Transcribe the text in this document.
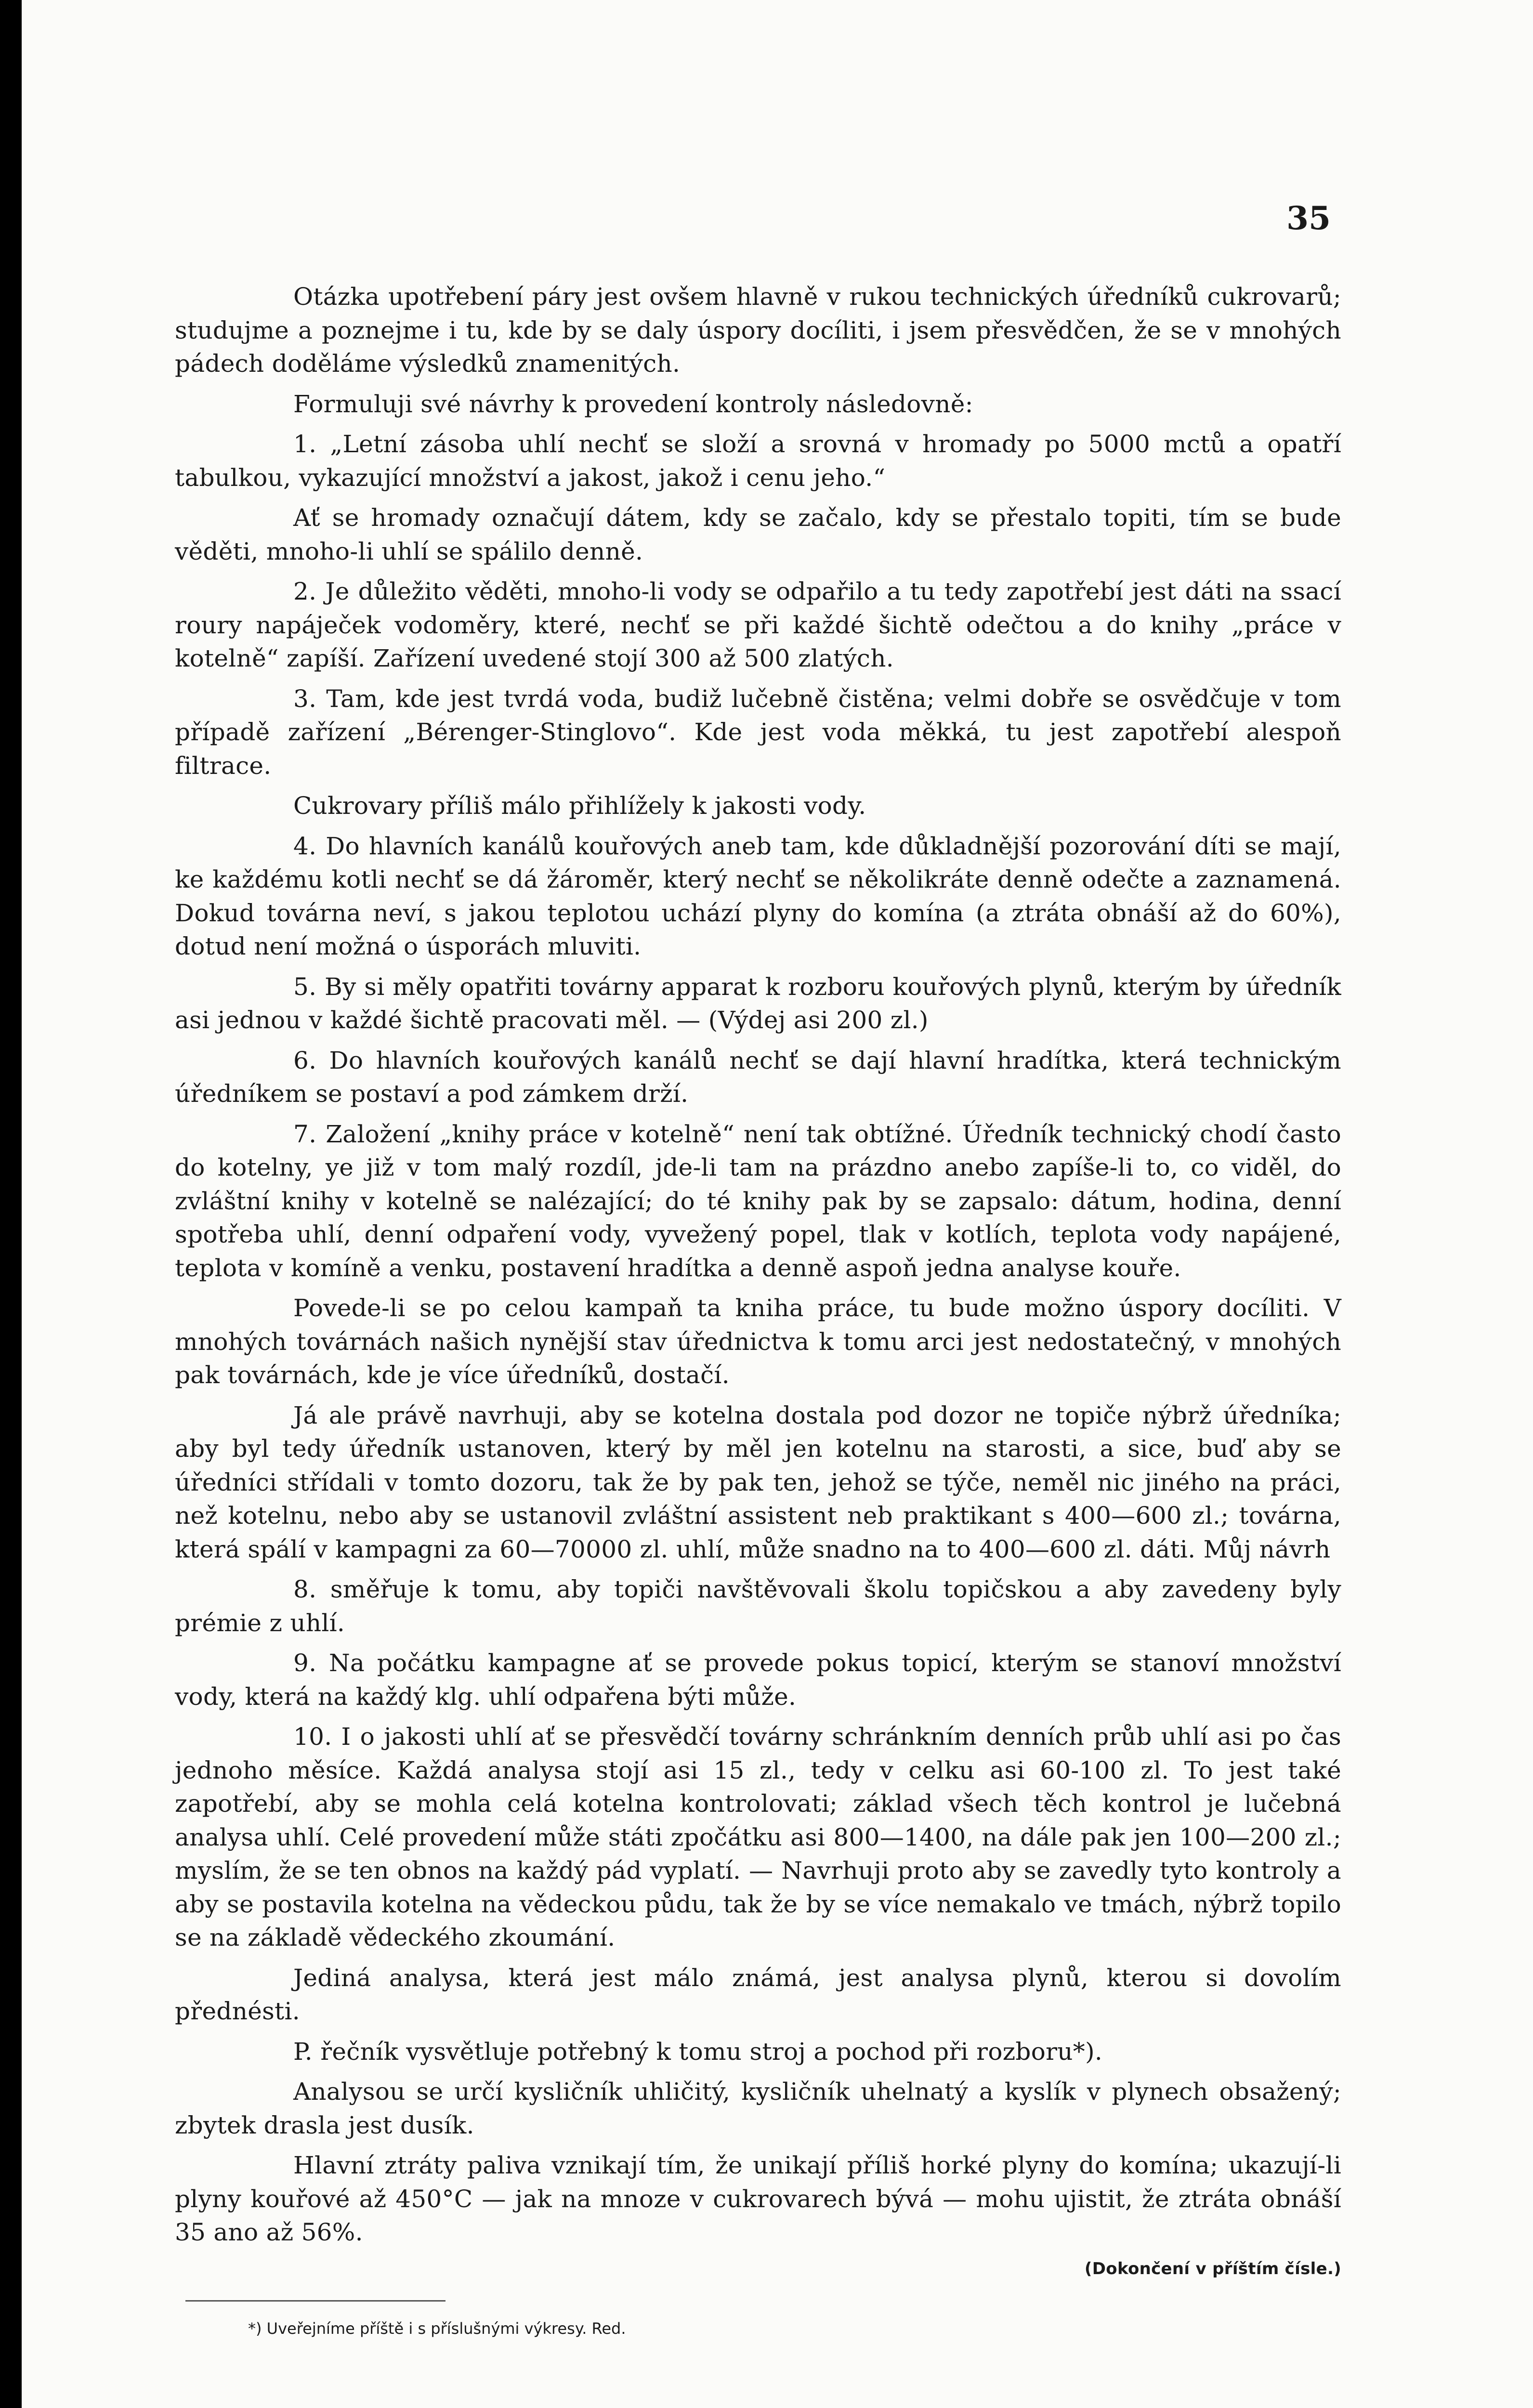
35

Otázka upotřebení páry jest ovšem hlavně v rukou technických úředníků cukrovarů; studujme a poznejme i tu, kde by se daly úspory docíliti, i jsem přesvědčen, že se v mnohých pádech doděláme výsledků znamenitých.

Formuluji své návrhy k provedení kontroly následovně:

1. „Letní zásoba uhlí nechť se složí a srovná v hromady po 5000 mctů a opatří tabulkou, vykazující množství a jakost, jakož i cenu jeho.“

Ať se hromady označují dátem, kdy se začalo, kdy se přestalo topiti, tím se bude věděti, mnoho-li uhlí se spálilo denně.

2. Je důležito věděti, mnoho-li vody se odpařilo a tu tedy zapotřebí jest dáti na ssací roury napáječek vodoměry, které, nechť se při každé šichtě odečtou a do knihy „práce v kotelně“ zapíší. Zařízení uvedené stojí 300 až 500 zlatých.

3. Tam, kde jest tvrdá voda, budiž lučebně čistěna; velmi dobře se osvědčuje v tom případě zařízení „Bérenger-Stinglovo“. Kde jest voda měkká, tu jest zapotřebí alespoň filtrace.

Cukrovary příliš málo přihlížely k jakosti vody.

4. Do hlavních kanálů kouřových aneb tam, kde důkladnější pozorování díti se mají, ke každému kotli nechť se dá žároměr, který nechť se několikráte denně odečte a zaznamená. Dokud továrna neví, s jakou teplotou uchází plyny do komína (a ztráta obnáší až do 60%), dotud není možná o úsporách mluviti.

5. By si měly opatřiti továrny apparat k rozboru kouřových plynů, kterým by úředník asi jednou v každé šichtě pracovati měl. — (Výdej asi 200 zl.)

6. Do hlavních kouřových kanálů nechť se dají hlavní hradítka, která technickým úředníkem se postaví a pod zámkem drží.

7. Založení „knihy práce v kotelně“ není tak obtížné. Úředník technický chodí často do kotelny, ye již v tom malý rozdíl, jde-li tam na prázdno anebo zapíše-li to, co viděl, do zvláštní knihy v kotelně se nalézající; do té knihy pak by se zapsalo: dátum, hodina, denní spotřeba uhlí, denní odpaření vody, vyvežený popel, tlak v kotlích, teplota vody napájené, teplota v komíně a venku, postavení hradítka a denně aspoň jedna analyse kouře.

Povede-li se po celou kampaň ta kniha práce, tu bude možno úspory docíliti. V mnohých továrnách našich nynější stav úřednictva k tomu arci jest nedostatečný, v mnohých pak továrnách, kde je více úředníků, dostačí.

Já ale právě navrhuji, aby se kotelna dostala pod dozor ne topiče nýbrž úředníka; aby byl tedy úředník ustanoven, který by měl jen kotelnu na starosti, a sice, buď aby se úředníci střídali v tomto dozoru, tak že by pak ten, jehož se týče, neměl nic jiného na práci, než kotelnu, nebo aby se ustanovil zvláštní assistent neb praktikant s 400—600 zl.; továrna, která spálí v kampagni za 60—70000 zl. uhlí, může snadno na to 400—600 zl. dáti. Můj návrh

8. směřuje k tomu, aby topiči navštěvovali školu topičskou a aby zavedeny byly prémie z uhlí.

9. Na počátku kampagne ať se provede pokus topicí, kterým se stanoví množství vody, která na každý klg. uhlí odpařena býti může.

10. I o jakosti uhlí ať se přesvědčí továrny schránkním denních průb uhlí asi po čas jednoho měsíce. Každá analysa stojí asi 15 zl., tedy v celku asi 60-100 zl. To jest také zapotřebí, aby se mohla celá kotelna kontrolovati; základ všech těch kontrol je lučebná analysa uhlí. Celé provedení může státi zpočátku asi 800—1400, na dále pak jen 100—200 zl.; myslím, že se ten obnos na každý pád vyplatí. — Navrhuji proto aby se zavedly tyto kontroly a aby se postavila kotelna na vědeckou půdu, tak že by se více nemakalo ve tmách, nýbrž topilo se na základě vědeckého zkoumání.

Jediná analysa, která jest málo známá, jest analysa plynů, kterou si dovolím přednésti.

P. řečník vysvětluje potřebný k tomu stroj a pochod při rozboru*).

Analysou se určí kysličník uhličitý, kysličník uhelnatý a kyslík v plynech obsažený; zbytek drasla jest dusík.

Hlavní ztráty paliva vznikají tím, že unikají příliš horké plyny do komína; ukazují-li plyny kouřové až 450°C — jak na mnoze v cukrovarech bývá — mohu ujistit, že ztráta obnáší 35 ano až 56%.

(Dokončení v příštím čísle.)
*) Uveřejníme příště i s příslušnými výkresy. Red.
